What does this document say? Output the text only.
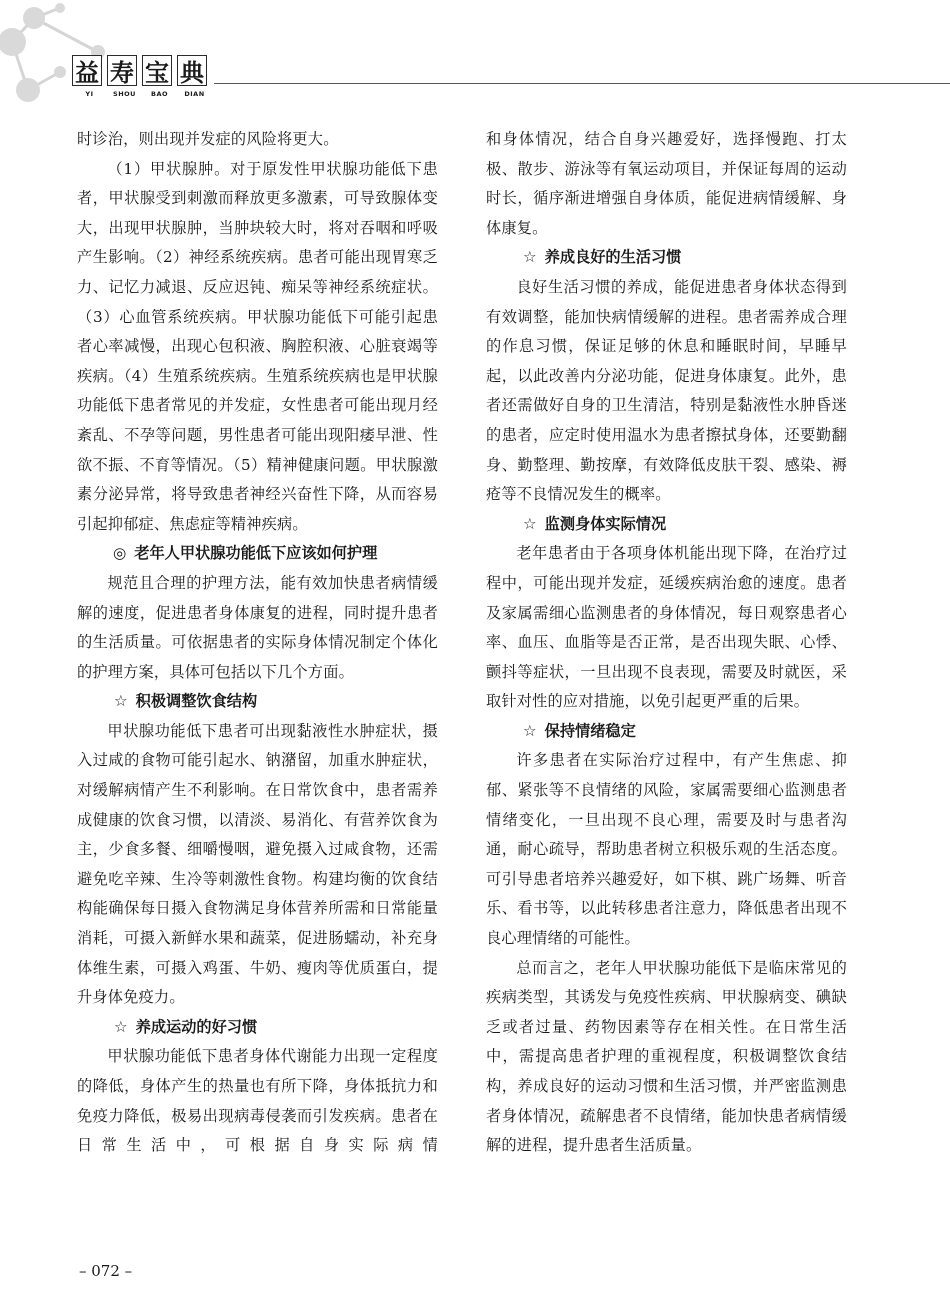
益 寿 宝 典
YI	SHOU	BAO	DIAN

时诊治，则出现并发症的风险将更大。

（1）甲状腺肿。对于原发性甲状腺功能低下患者，甲状腺受到刺激而释放更多激素，可导致腺体变大，出现甲状腺肿，当肿块较大时，将对吞咽和呼吸产生影响。（2）神经系统疾病。患者可能出现胃寒乏力、记忆力减退、反应迟钝、痴呆等神经系统症状。（3）心血管系统疾病。甲状腺功能低下可能引起患者心率减慢，出现心包积液、胸腔积液、心脏衰竭等疾病。（4）生殖系统疾病。生殖系统疾病也是甲状腺功能低下患者常见的并发症，女性患者可能出现月经紊乱、不孕等问题，男性患者可能出现阳痿早泄、性欲不振、不育等情况。（5）精神健康问题。甲状腺激素分泌异常，将导致患者神经兴奋性下降，从而容易引起抑郁症、焦虑症等精神疾病。

◎ 老年人甲状腺功能低下应该如何护理

规范且合理的护理方法，能有效加快患者病情缓解的速度，促进患者身体康复的进程，同时提升患者的生活质量。可依据患者的实际身体情况制定个体化的护理方案，具体可包括以下几个方面。

☆ 积极调整饮食结构

甲状腺功能低下患者可出现黏液性水肿症状，摄入过咸的食物可能引起水、钠潴留，加重水肿症状，对缓解病情产生不利影响。在日常饮食中，患者需养成健康的饮食习惯，以清淡、易消化、有营养饮食为主，少食多餐、细嚼慢咽，避免摄入过咸食物，还需避免吃辛辣、生冷等刺激性食物。构建均衡的饮食结构能确保每日摄入食物满足身体营养所需和日常能量消耗，可摄入新鲜水果和蔬菜，促进肠蠕动，补充身体维生素，可摄入鸡蛋、牛奶、瘦肉等优质蛋白，提升身体免疫力。

☆ 养成运动的好习惯

甲状腺功能低下患者身体代谢能力出现一定程度的降低，身体产生的热量也有所下降，身体抵抗力和免疫力降低，极易出现病毒侵袭而引发疾病。患者在日常生活中，可根据自身实际病情

和身体情况，结合自身兴趣爱好，选择慢跑、打太极、散步、游泳等有氧运动项目，并保证每周的运动时长，循序渐进增强自身体质，能促进病情缓解、身体康复。

☆ 养成良好的生活习惯

良好生活习惯的养成，能促进患者身体状态得到有效调整，能加快病情缓解的进程。患者需养成合理的作息习惯，保证足够的休息和睡眠时间，早睡早起，以此改善内分泌功能，促进身体康复。此外，患者还需做好自身的卫生清洁，特别是黏液性水肿昏迷的患者，应定时使用温水为患者擦拭身体，还要勤翻身、勤整理、勤按摩，有效降低皮肤干裂、感染、褥疮等不良情况发生的概率。

☆ 监测身体实际情况

老年患者由于各项身体机能出现下降，在治疗过程中，可能出现并发症，延缓疾病治愈的速度。患者及家属需细心监测患者的身体情况，每日观察患者心率、血压、血脂等是否正常，是否出现失眠、心悸、颤抖等症状，一旦出现不良表现，需要及时就医，采取针对性的应对措施，以免引起更严重的后果。

☆ 保持情绪稳定

许多患者在实际治疗过程中，有产生焦虑、抑郁、紧张等不良情绪的风险，家属需要细心监测患者情绪变化，一旦出现不良心理，需要及时与患者沟通，耐心疏导，帮助患者树立积极乐观的生活态度。可引导患者培养兴趣爱好，如下棋、跳广场舞、听音乐、看书等，以此转移患者注意力，降低患者出现不良心理情绪的可能性。

总而言之，老年人甲状腺功能低下是临床常见的疾病类型，其诱发与免疫性疾病、甲状腺病变、碘缺乏或者过量、药物因素等存在相关性。在日常生活中，需提高患者护理的重视程度，积极调整饮食结构，养成良好的运动习惯和生活习惯，并严密监测患者身体情况，疏解患者不良情绪，能加快患者病情缓解的进程，提升患者生活质量。

– 072 –
